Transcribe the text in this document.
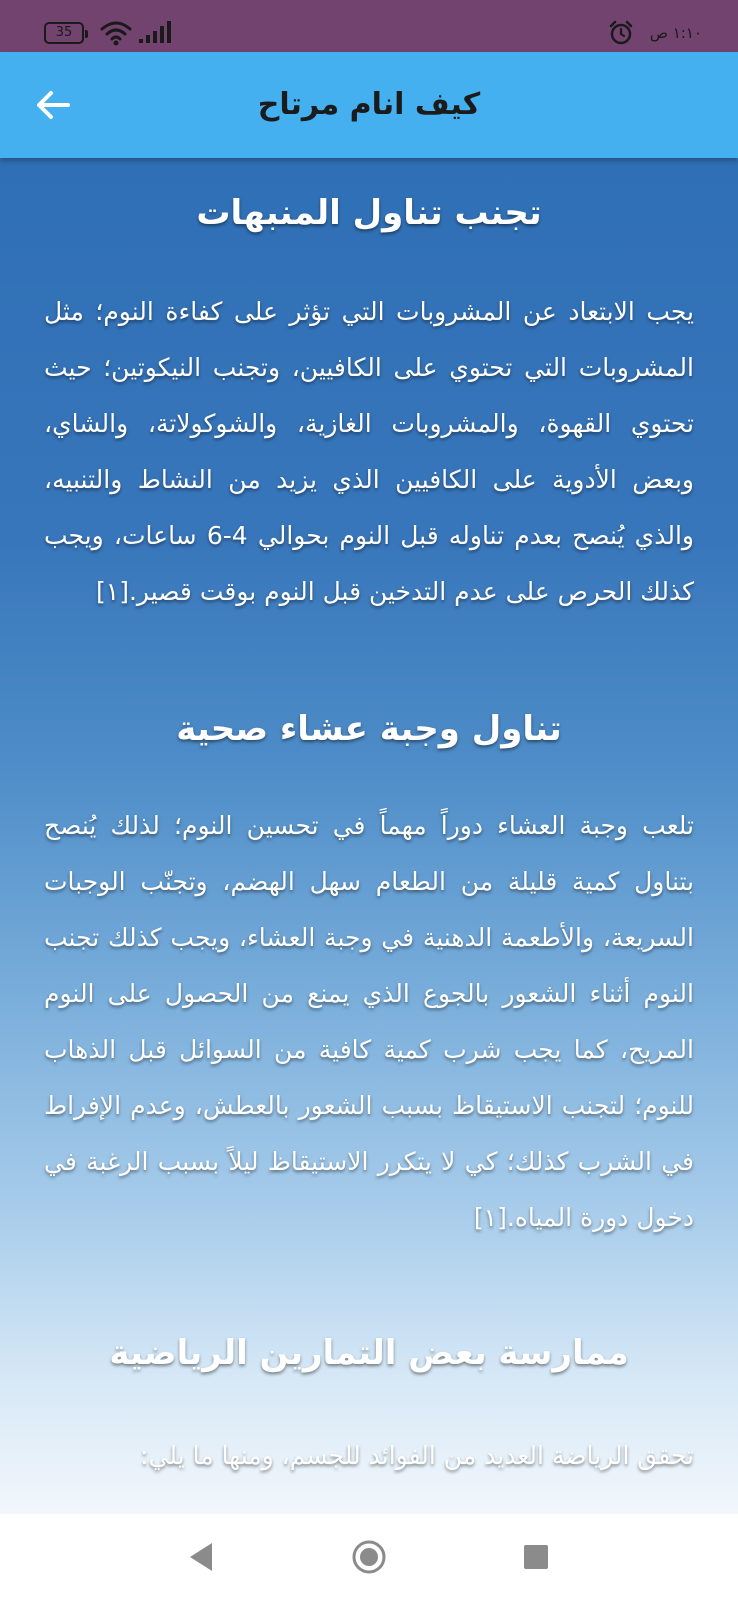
35	١:١٠ ص
كيف انام مرتاح
تجنب تناول المنبهات
يجب الابتعاد عن المشروبات التي تؤثر على كفاءة النوم؛ مثل المشروبات التي تحتوي على الكافيين، وتجنب النيكوتين؛ حيث تحتوي القهوة، والمشروبات الغازية، والشوكولاتة، والشاي، وبعض الأدوية على الكافيين الذي يزيد من النشاط والتنبيه، والذي يُنصح بعدم تناوله قبل النوم بحوالي 4-6 ساعات، ويجب كذلك الحرص على عدم التدخين قبل النوم بوقت قصير.[١]
تناول وجبة عشاء صحية
تلعب وجبة العشاء دوراً مهماً في تحسين النوم؛ لذلك يُنصح بتناول كمية قليلة من الطعام سهل الهضم، وتجنّب الوجبات السريعة، والأطعمة الدهنية في وجبة العشاء، ويجب كذلك تجنب النوم أثناء الشعور بالجوع الذي يمنع من الحصول على النوم المريح، كما يجب شرب كمية كافية من السوائل قبل الذهاب للنوم؛ لتجنب الاستيقاظ بسبب الشعور بالعطش، وعدم الإفراط في الشرب كذلك؛ كي لا يتكرر الاستيقاظ ليلاً بسبب الرغبة في دخول دورة المياه.[١]
ممارسة بعض التمارين الرياضية
تحقق الرياضة العديد من الفوائد للجسم، ومنها ما يلي:
